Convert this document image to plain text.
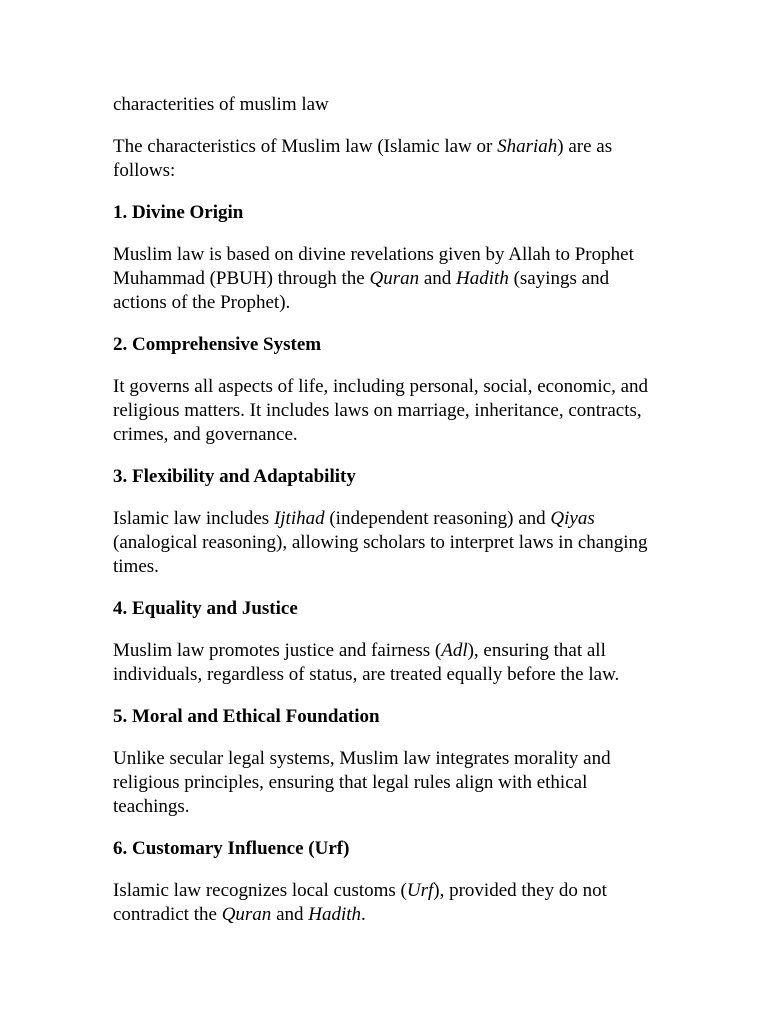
characterities of muslim law

The characteristics of Muslim law (Islamic law or Shariah) are as follows:

1. Divine Origin

Muslim law is based on divine revelations given by Allah to Prophet Muhammad (PBUH) through the Quran and Hadith (sayings and actions of the Prophet).

2. Comprehensive System

It governs all aspects of life, including personal, social, economic, and religious matters. It includes laws on marriage, inheritance, contracts, crimes, and governance.

3. Flexibility and Adaptability

Islamic law includes Ijtihad (independent reasoning) and Qiyas (analogical reasoning), allowing scholars to interpret laws in changing times.

4. Equality and Justice

Muslim law promotes justice and fairness (Adl), ensuring that all individuals, regardless of status, are treated equally before the law.

5. Moral and Ethical Foundation

Unlike secular legal systems, Muslim law integrates morality and religious principles, ensuring that legal rules align with ethical teachings.

6. Customary Influence (Urf)

Islamic law recognizes local customs (Urf), provided they do not contradict the Quran and Hadith.
